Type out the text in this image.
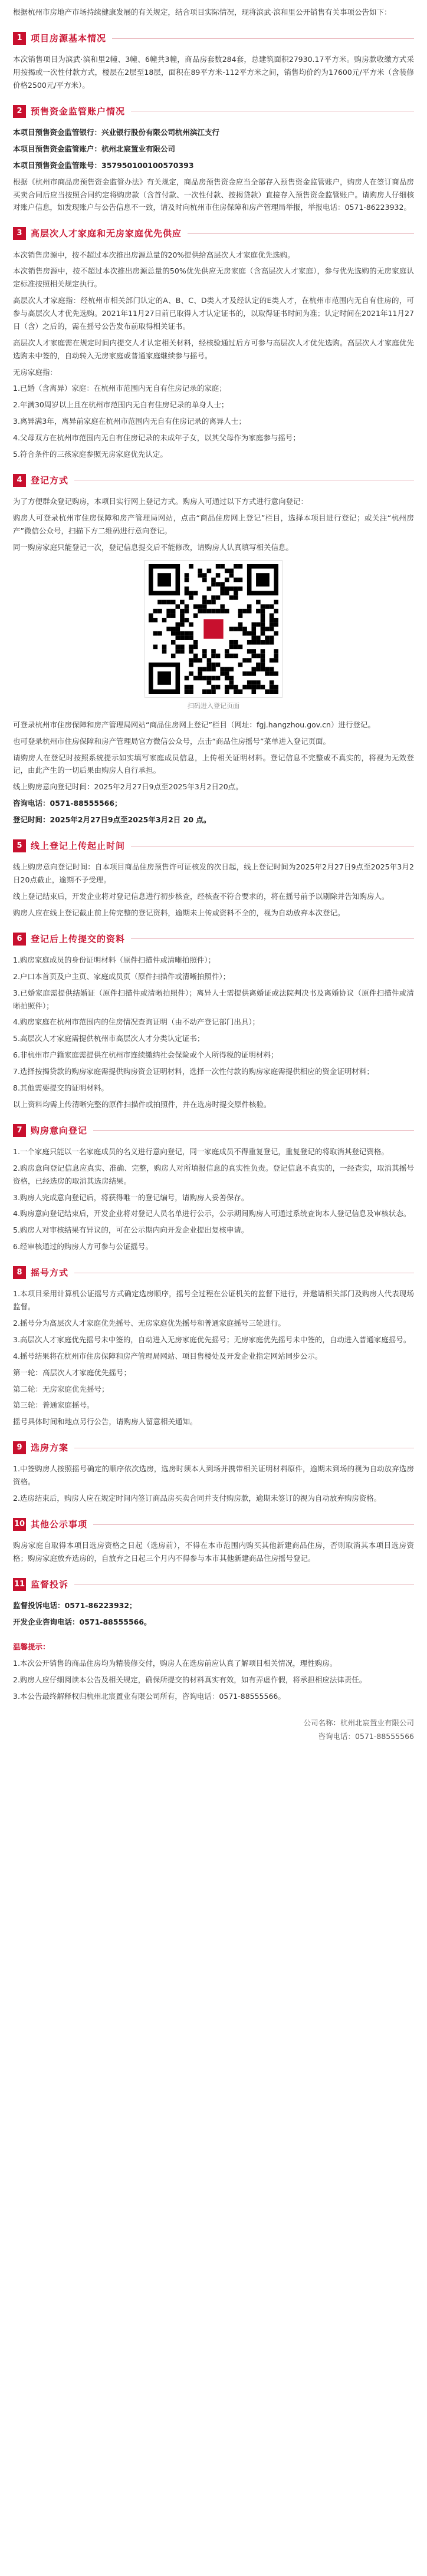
根据杭州市房地产市场持续健康发展的有关规定，结合项目实际情况，现将滨武·滨和里公开销售有关事项公告如下：

1 项目房源基本情况

本次销售项目为滨武·滨和里2幢、3幢、6幢共3幢，商品房套数284套，总建筑面积27930.17平方米。购房款收缴方式采用按揭或一次性付款方式，楼层在2层至18层，面积在89平方米-112平方米之间，销售均价约为17600元/平方米（含装修价格2500元/平方米）。

2 预售资金监管账户情况

本项目预售资金监管银行：兴业银行股份有限公司杭州滨江支行

本项目预售资金监管账户：杭州北宸置业有限公司

本项目预售资金监管账号：357950100100570393

根据《杭州市商品房预售资金监管办法》有关规定，商品房预售资金应当全部存入预售资金监管账户，购房人在签订商品房买卖合同后应当按照合同约定将购房款（含首付款、一次性付款、按揭贷款）直接存入预售资金监管账户。请购房人仔细核对账户信息，如发现账户与公告信息不一致，请及时向杭州市住房保障和房产管理局举报，举报电话：0571-86223932。

3 高层次人才家庭和无房家庭优先供应

本次销售房源中，按不超过本次推出房源总量的20%提供给高层次人才家庭优先选购。

本次销售房源中，按不超过本次推出房源总量的50%优先供应无房家庭（含高层次人才家庭），参与优先选购的无房家庭认定标准按照相关规定执行。

高层次人才家庭指：经杭州市相关部门认定的A、B、C、D类人才及经认定的E类人才，在杭州市范围内无自有住房的，可参与高层次人才优先选购。2021年11月27日前已取得人才认定证书的，以取得证书时间为准；认定时间在2021年11月27日（含）之后的，需在摇号公告发布前取得相关证书。

高层次人才家庭需在规定时间内提交人才认定相关材料，经核验通过后方可参与高层次人才优先选购。高层次人才家庭优先选购未中签的，自动转入无房家庭或普通家庭继续参与摇号。

无房家庭指：

1.已婚（含离异）家庭：在杭州市范围内无自有住房记录的家庭；

2.年满30周岁以上且在杭州市范围内无自有住房记录的单身人士；

3.离异满3年，离异前家庭在杭州市范围内无自有住房记录的离异人士；

4.父母双方在杭州市范围内无自有住房记录的未成年子女，以其父母作为家庭参与摇号；

5.符合条件的三孩家庭参照无房家庭优先认定。

4 登记方式

为了方便群众登记购房，本项目实行网上登记方式。购房人可通过以下方式进行意向登记：

购房人可登录杭州市住房保障和房产管理局网站，点击“商品住房网上登记”栏目，选择本项目进行登记；或关注“杭州房产”微信公众号，扫描下方二维码进行意向登记。

同一购房家庭只能登记一次，登记信息提交后不能修改，请购房人认真填写相关信息。

扫码进入登记页面

可登录杭州市住房保障和房产管理局网站“商品住房网上登记”栏目（网址：fgj.hangzhou.gov.cn）进行登记。

也可登录杭州市住房保障和房产管理局官方微信公众号，点击“商品住房摇号”菜单进入登记页面。

请购房人在登记时按照系统提示如实填写家庭成员信息，上传相关证明材料。登记信息不完整或不真实的，将视为无效登记，由此产生的一切后果由购房人自行承担。

线上购房意向登记时间：2025年2月27日9点至2025年3月2日20点。

咨询电话：0571-88555566；

登记时间：2025年2月27日9点至2025年3月2日 20 点。

5 线上登记上传起止时间

线上购房意向登记时间：自本项目商品住房预售许可证核发的次日起，线上登记时间为2025年2月27日9点至2025年3月2日20点截止，逾期不予受理。

线上登记结束后，开发企业将对登记信息进行初步核查，经核查不符合要求的，将在摇号前予以剔除并告知购房人。

购房人应在线上登记截止前上传完整的登记资料，逾期未上传或资料不全的，视为自动放弃本次登记。

6 登记后上传提交的资料

1.购房家庭成员的身份证明材料（原件扫描件或清晰拍照件）；

2.户口本首页及户主页、家庭成员页（原件扫描件或清晰拍照件）；

3.已婚家庭需提供结婚证（原件扫描件或清晰拍照件）；离异人士需提供离婚证或法院判决书及离婚协议（原件扫描件或清晰拍照件）；

4.购房家庭在杭州市范围内的住房情况查询证明（由不动产登记部门出具）；

5.高层次人才家庭需提供杭州市高层次人才分类认定证书；

6.非杭州市户籍家庭需提供在杭州市连续缴纳社会保险或个人所得税的证明材料；

7.选择按揭贷款的购房家庭需提供购房资金证明材料，选择一次性付款的购房家庭需提供相应的资金证明材料；

8.其他需要提交的证明材料。

以上资料均需上传清晰完整的原件扫描件或拍照件，并在选房时提交原件核验。

7 购房意向登记

1.一个家庭只能以一名家庭成员的名义进行意向登记，同一家庭成员不得重复登记，重复登记的将取消其登记资格。

2.购房意向登记信息应真实、准确、完整，购房人对所填报信息的真实性负责。登记信息不真实的，一经查实，取消其摇号资格，已经选房的取消其选房结果。

3.购房人完成意向登记后，将获得唯一的登记编号，请购房人妥善保存。

4.购房意向登记结束后，开发企业将对登记人员名单进行公示，公示期间购房人可通过系统查询本人登记信息及审核状态。

5.购房人对审核结果有异议的，可在公示期内向开发企业提出复核申请。

6.经审核通过的购房人方可参与公证摇号。

8 摇号方式

1.本项目采用计算机公证摇号方式确定选房顺序，摇号全过程在公证机关的监督下进行，并邀请相关部门及购房人代表现场监督。

2.摇号分为高层次人才家庭优先摇号、无房家庭优先摇号和普通家庭摇号三轮进行。

3.高层次人才家庭优先摇号未中签的，自动进入无房家庭优先摇号；无房家庭优先摇号未中签的，自动进入普通家庭摇号。

4.摇号结果将在杭州市住房保障和房产管理局网站、项目售楼处及开发企业指定网站同步公示。

第一轮：高层次人才家庭优先摇号；

第二轮：无房家庭优先摇号；

第三轮：普通家庭摇号。

摇号具体时间和地点另行公告，请购房人留意相关通知。

9 选房方案

1.中签购房人按照摇号确定的顺序依次选房，选房时须本人到场并携带相关证明材料原件，逾期未到场的视为自动放弃选房资格。

2.选房结束后，购房人应在规定时间内签订商品房买卖合同并支付购房款，逾期未签订的视为自动放弃购房资格。

10 其他公示事项

购房家庭自取得本项目选房资格之日起（选房前），不得在本市范围内购买其他新建商品住房，否则取消其本项目选房资格；购房家庭放弃选房的，自放弃之日起三个月内不得参与本市其他新建商品住房摇号登记。

11 监督投诉

监督投诉电话：0571-86223932；

开发企业咨询电话：0571-88555566。

温馨提示：

1.本次公开销售的商品住房均为精装修交付，购房人在选房前应认真了解项目相关情况，理性购房。

2.购房人应仔细阅读本公告及相关规定，确保所提交的材料真实有效，如有弄虚作假，将承担相应法律责任。

3.本公告最终解释权归杭州北宸置业有限公司所有，咨询电话：0571-88555566。

公司名称：杭州北宸置业有限公司

咨询电话：0571-88555566
